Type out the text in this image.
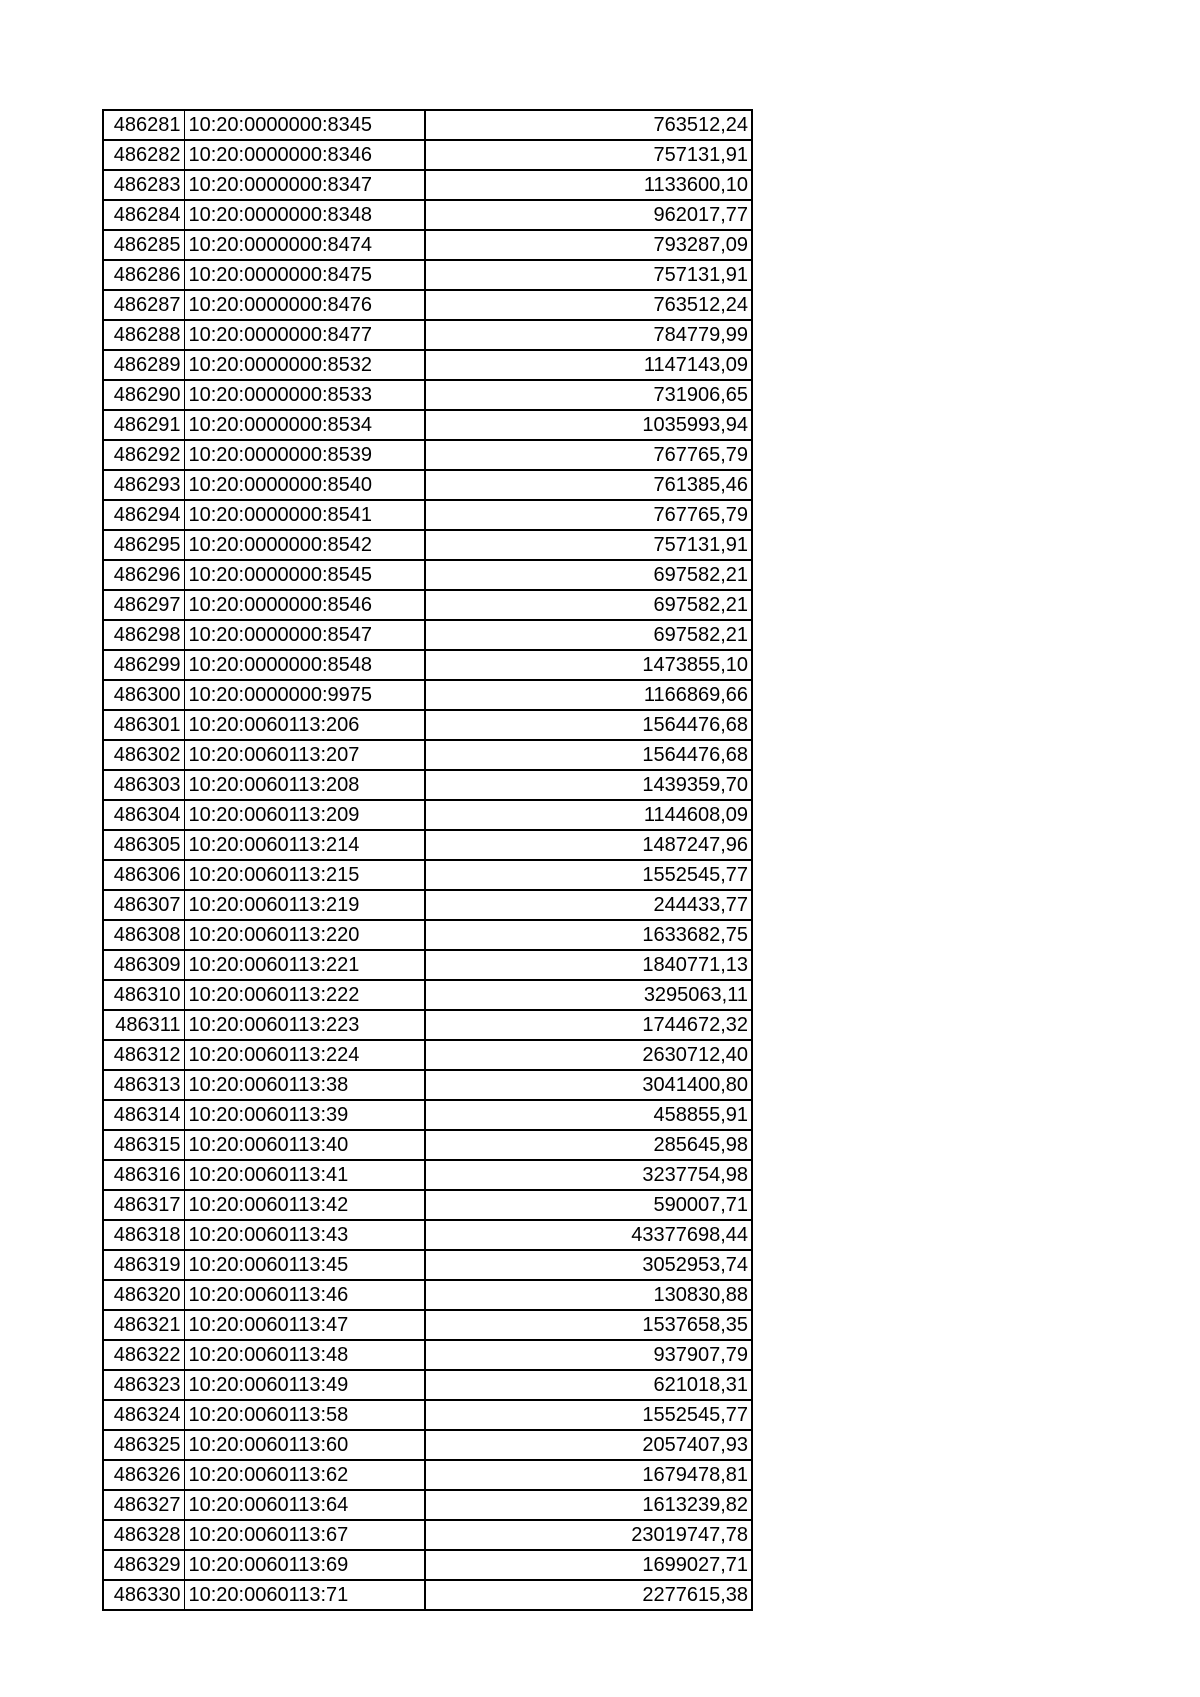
486281	10:20:0000000:8345	763512,24
486282	10:20:0000000:8346	757131,91
486283	10:20:0000000:8347	1133600,10
486284	10:20:0000000:8348	962017,77
486285	10:20:0000000:8474	793287,09
486286	10:20:0000000:8475	757131,91
486287	10:20:0000000:8476	763512,24
486288	10:20:0000000:8477	784779,99
486289	10:20:0000000:8532	1147143,09
486290	10:20:0000000:8533	731906,65
486291	10:20:0000000:8534	1035993,94
486292	10:20:0000000:8539	767765,79
486293	10:20:0000000:8540	761385,46
486294	10:20:0000000:8541	767765,79
486295	10:20:0000000:8542	757131,91
486296	10:20:0000000:8545	697582,21
486297	10:20:0000000:8546	697582,21
486298	10:20:0000000:8547	697582,21
486299	10:20:0000000:8548	1473855,10
486300	10:20:0000000:9975	1166869,66
486301	10:20:0060113:206	1564476,68
486302	10:20:0060113:207	1564476,68
486303	10:20:0060113:208	1439359,70
486304	10:20:0060113:209	1144608,09
486305	10:20:0060113:214	1487247,96
486306	10:20:0060113:215	1552545,77
486307	10:20:0060113:219	244433,77
486308	10:20:0060113:220	1633682,75
486309	10:20:0060113:221	1840771,13
486310	10:20:0060113:222	3295063,11
486311	10:20:0060113:223	1744672,32
486312	10:20:0060113:224	2630712,40
486313	10:20:0060113:38	3041400,80
486314	10:20:0060113:39	458855,91
486315	10:20:0060113:40	285645,98
486316	10:20:0060113:41	3237754,98
486317	10:20:0060113:42	590007,71
486318	10:20:0060113:43	43377698,44
486319	10:20:0060113:45	3052953,74
486320	10:20:0060113:46	130830,88
486321	10:20:0060113:47	1537658,35
486322	10:20:0060113:48	937907,79
486323	10:20:0060113:49	621018,31
486324	10:20:0060113:58	1552545,77
486325	10:20:0060113:60	2057407,93
486326	10:20:0060113:62	1679478,81
486327	10:20:0060113:64	1613239,82
486328	10:20:0060113:67	23019747,78
486329	10:20:0060113:69	1699027,71
486330	10:20:0060113:71	2277615,38
